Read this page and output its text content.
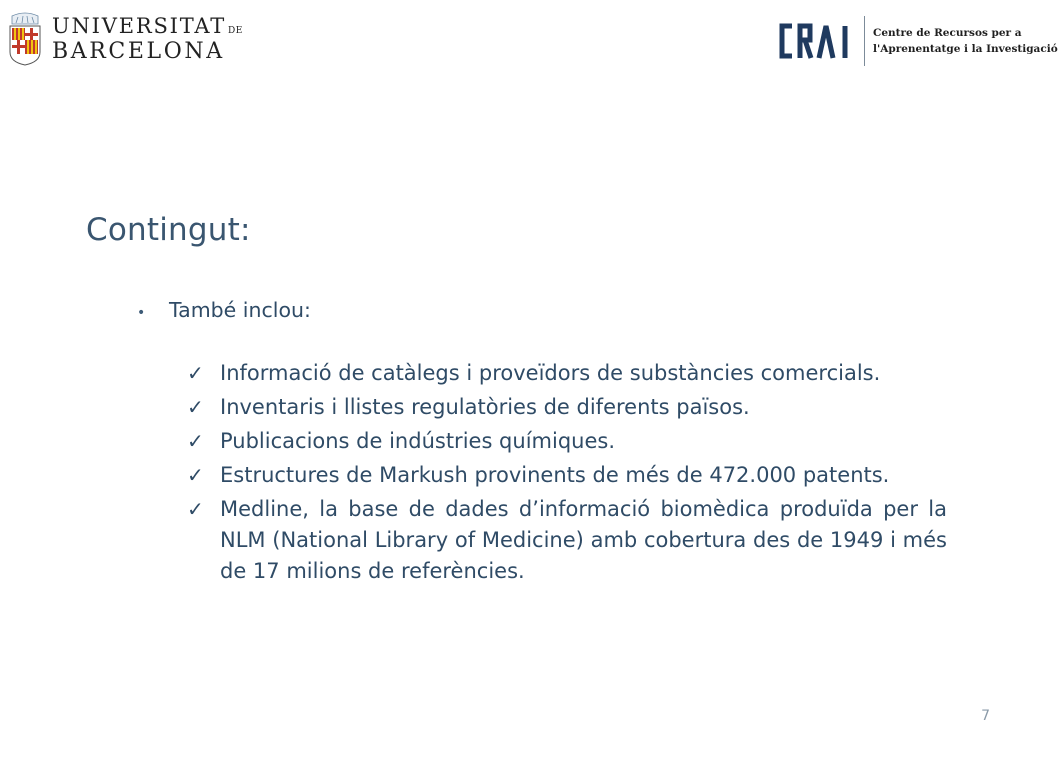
UNIVERSITAT DE
BARCELONA
Centre de Recursos per a
l'Aprenentatge i la Investigació
Contingut:
•	També inclou:
✓ Informació de catàlegs i proveïdors de substàncies comercials.
✓ Inventaris i llistes regulatòries de diferents països.
✓ Publicacions de indústries químiques.
✓ Estructures de Markush provinents de més de 472.000 patents.
✓ Medline, la base de dades d’informació biomèdica produïda per la NLM (National Library of Medicine) amb cobertura des de 1949 i més de 17 milions de referències.
7
